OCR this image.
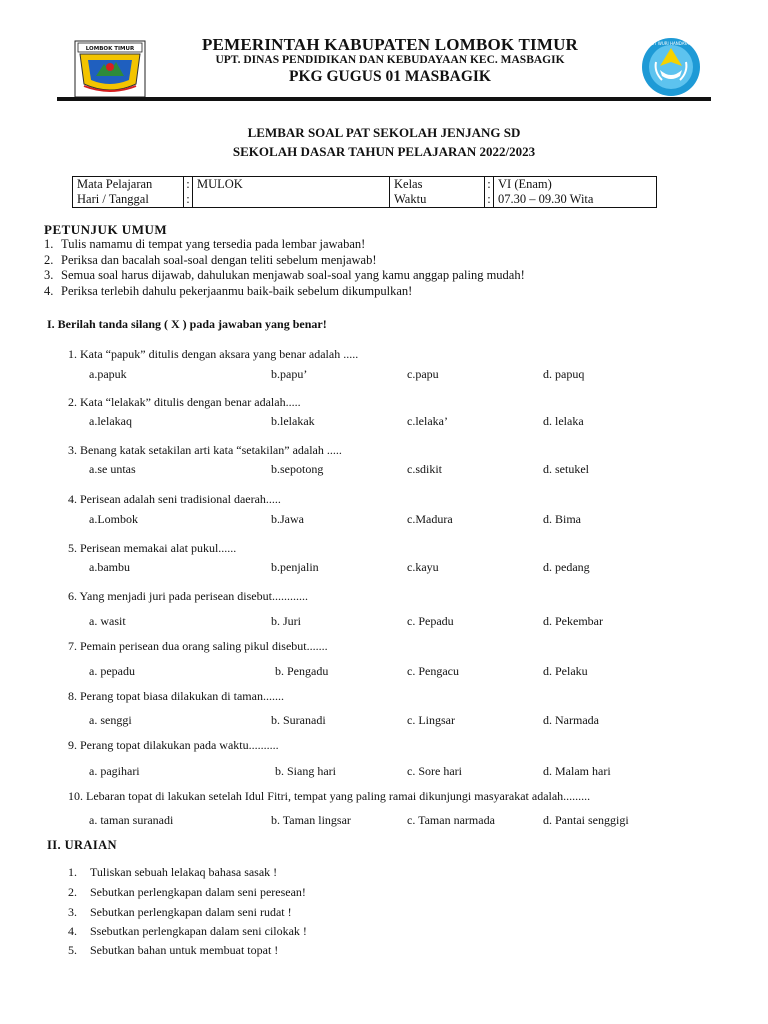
LOMBOK TIMUR	PEMERINTAH KABUPATEN LOMBOK TIMUR
UPT. DINAS PENDIDIKAN DAN KEBUDAYAAN KEC. MASBAGIK
PKG GUGUS 01 MASBAGIK
TUT WURI HANDAYANI
LEMBAR SOAL PAT SEKOLAH JENJANG SD
SEKOLAH DASAR TAHUN PELAJARAN 2022/2023
Mata Pelajaran	:	MULOK	Kelas	:	VI (Enam)
Hari / Tanggal	:		Waktu	:	07.30 – 09.30 Wita
PETUNJUK UMUM
1. Tulis namamu di tempat yang tersedia pada lembar jawaban!
2. Periksa dan bacalah soal-soal dengan teliti sebelum menjawab!
3. Semua soal harus dijawab, dahulukan menjawab soal-soal yang kamu anggap paling mudah!
4. Periksa terlebih dahulu pekerjaanmu baik-baik sebelum dikumpulkan!
I. Berilah tanda silang ( X ) pada jawaban yang benar!
1. Kata “papuk” ditulis dengan aksara yang benar adalah .....
a.papuk	b.papu’	c.papu	d. papuq
2. Kata “lelakak” ditulis dengan benar adalah.....
a.lelakaq	b.lelakak	c.lelaka’	d. lelaka
3. Benang katak setakilan arti kata “setakilan” adalah .....
a.se untas	b.sepotong	c.sdikit	d. setukel
4. Perisean adalah seni tradisional daerah.....
a.Lombok	b.Jawa	c.Madura	d. Bima
5. Perisean memakai alat pukul......
a.bambu	b.penjalin	c.kayu	d. pedang
6. Yang menjadi juri pada perisean disebut............
a. wasit	b. Juri	c. Pepadu	d. Pekembar
7. Pemain perisean dua orang saling pikul disebut.......
a. pepadu	b. Pengadu	c. Pengacu	d. Pelaku
8. Perang topat biasa dilakukan di taman.......
a. senggi	b. Suranadi	c. Lingsar	d. Narmada
9. Perang topat dilakukan pada waktu..........
a. pagihari	b. Siang hari	c. Sore hari	d. Malam hari
10. Lebaran topat di lakukan setelah Idul Fitri, tempat yang paling ramai dikunjungi masyarakat adalah.........
a. taman suranadi	b. Taman lingsar	c. Taman narmada	d. Pantai senggigi
II. URAIAN
1. Tuliskan sebuah lelakaq bahasa sasak !
2. Sebutkan perlengkapan dalam seni peresean!
3. Sebutkan perlengkapan dalam seni rudat !
4. Ssebutkan perlengkapan dalam seni cilokak !
5. Sebutkan bahan untuk membuat topat !
